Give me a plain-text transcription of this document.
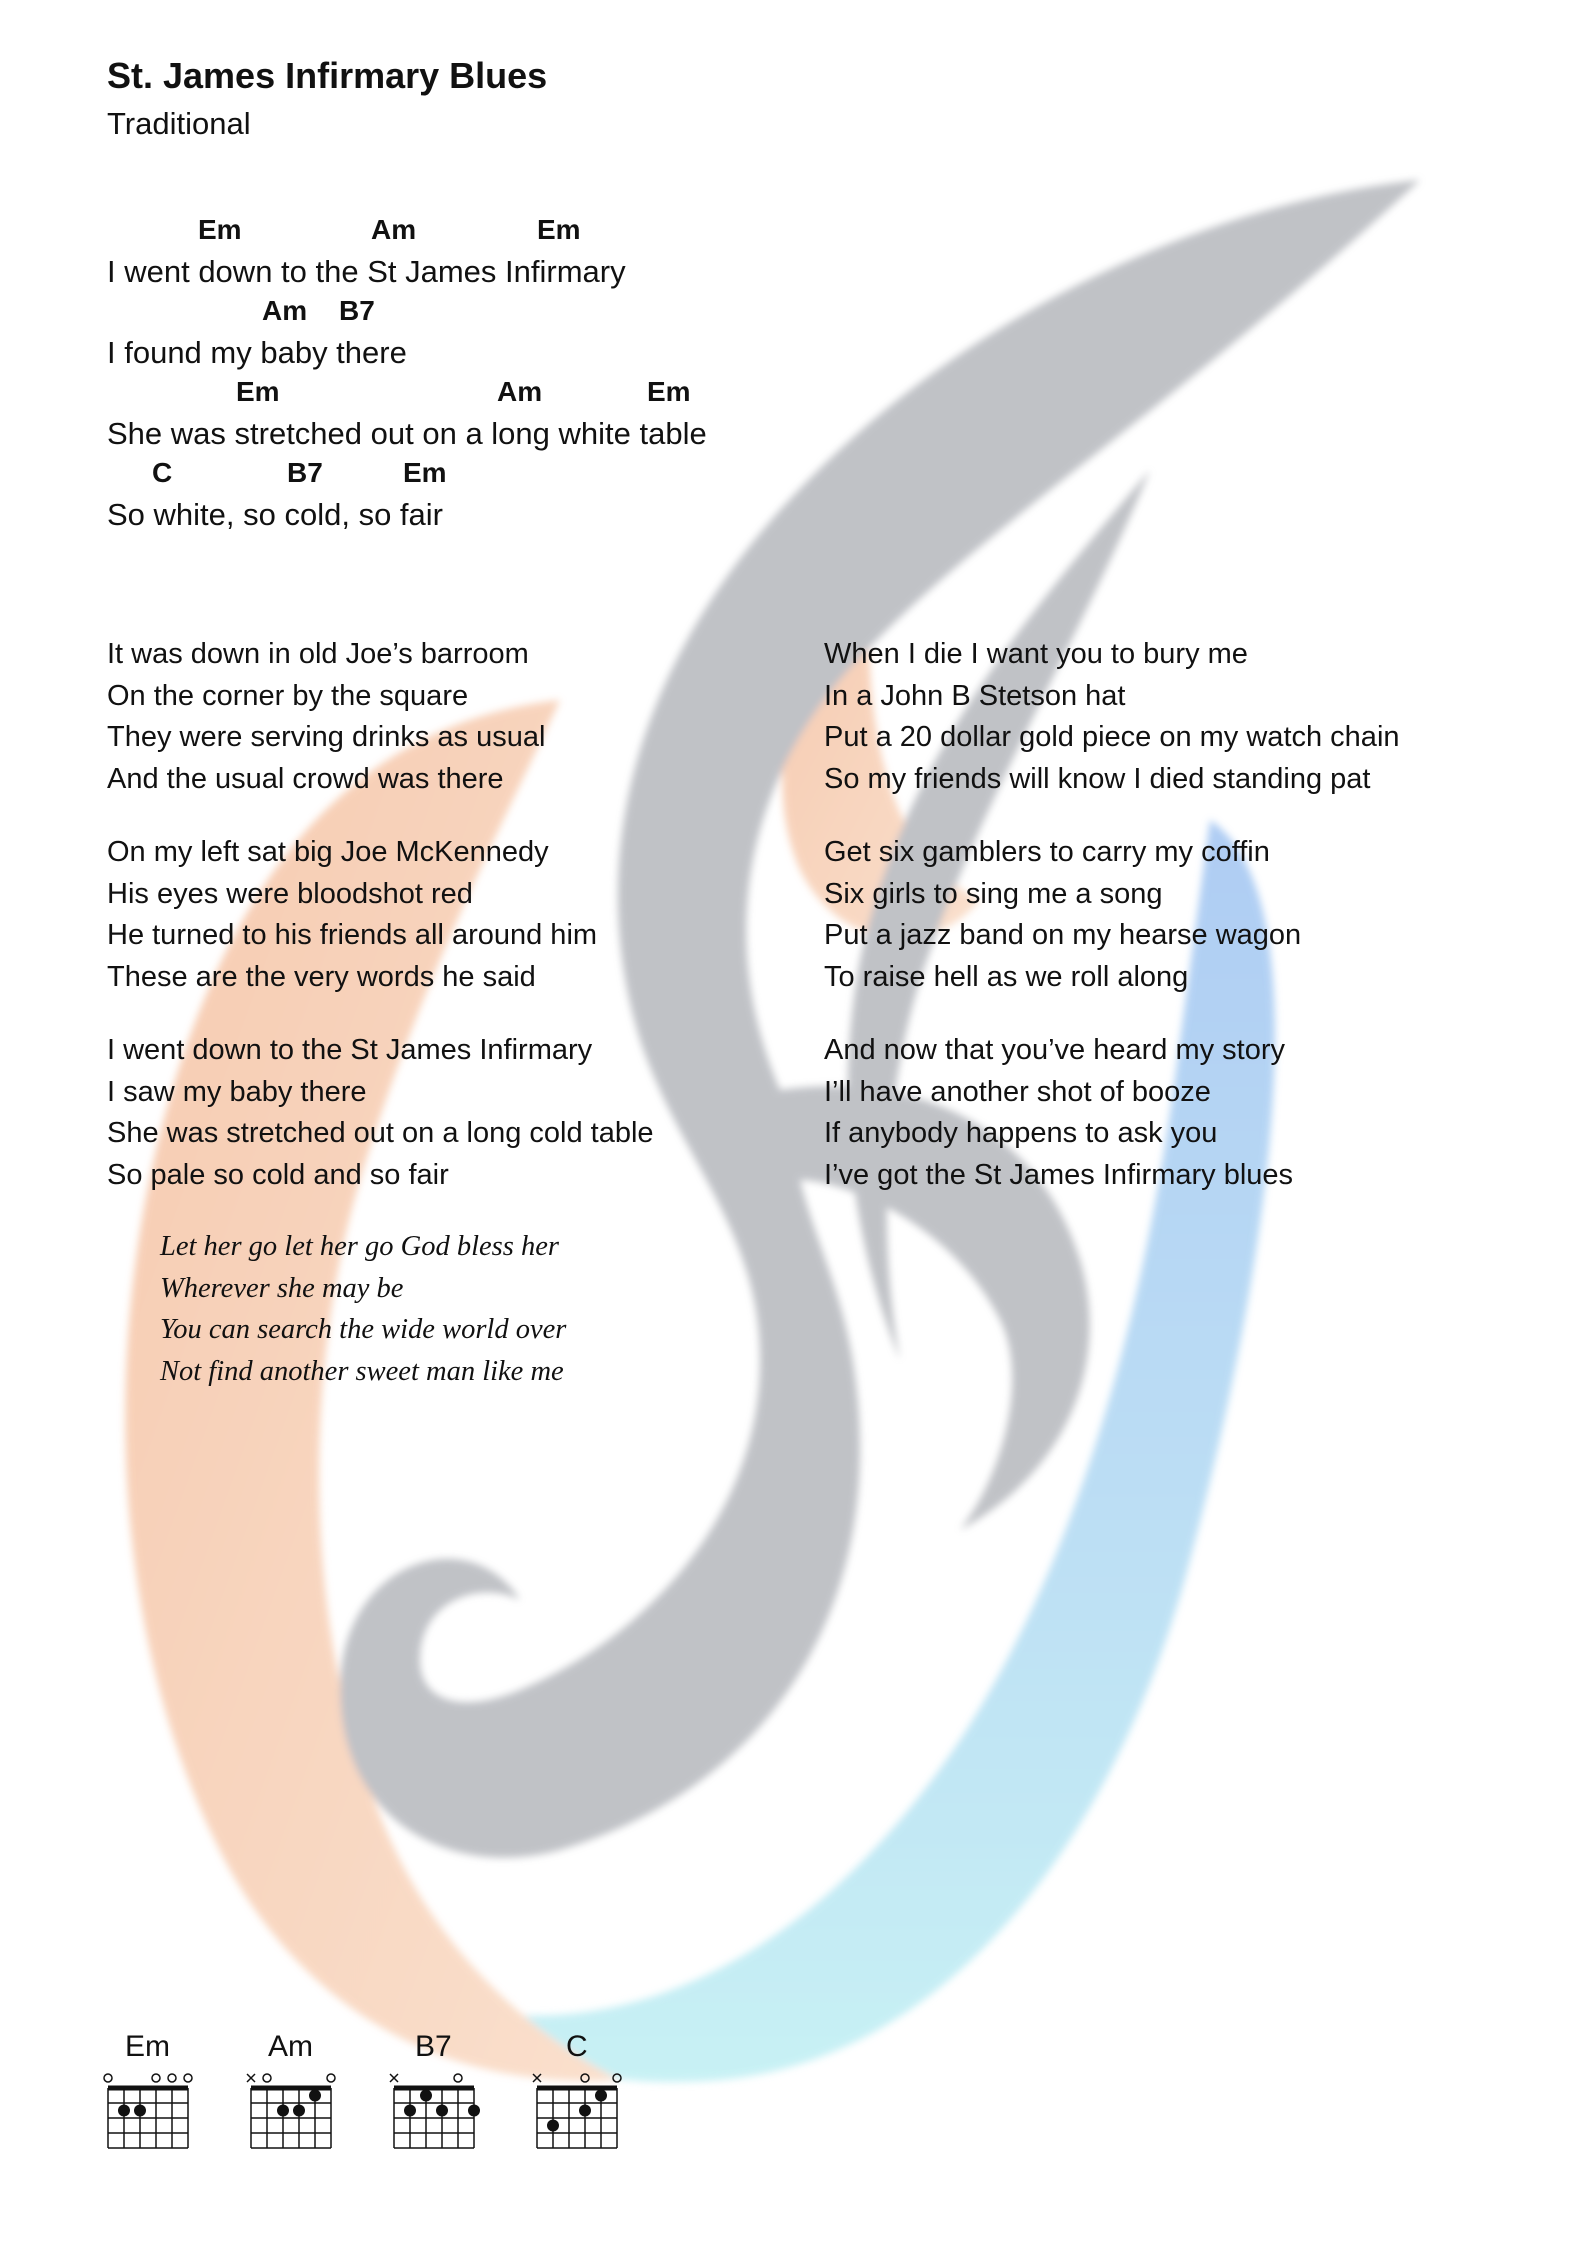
St. James Infirmary Blues
Traditional
Em	Am	Em
I went down to the St James Infirmary
Am B7
I found my baby there
Em	Am	Em
She was stretched out on a long white table
C	B7	Em
So white, so cold, so fair
It was down in old Joe’s barroom
On the corner by the square
They were serving drinks as usual
And the usual crowd was there
On my left sat big Joe McKennedy
His eyes were bloodshot red
He turned to his friends all around him
These are the very words he said
I went down to the St James Infirmary
I saw my baby there
She was stretched out on a long cold table
So pale so cold and so fair
When I die I want you to bury me
In a John B Stetson hat
Put a 20 dollar gold piece on my watch chain
So my friends will know I died standing pat
Get six gamblers to carry my coffin
Six girls to sing me a song
Put a jazz band on my hearse wagon
To raise hell as we roll along
And now that you’ve heard my story
I’ll have another shot of booze
If anybody happens to ask you
I’ve got the St James Infirmary blues
Let her go let her go God bless her
Wherever she may be
You can search the wide world over
Not find another sweet man like me
Em	Am	B7	C
